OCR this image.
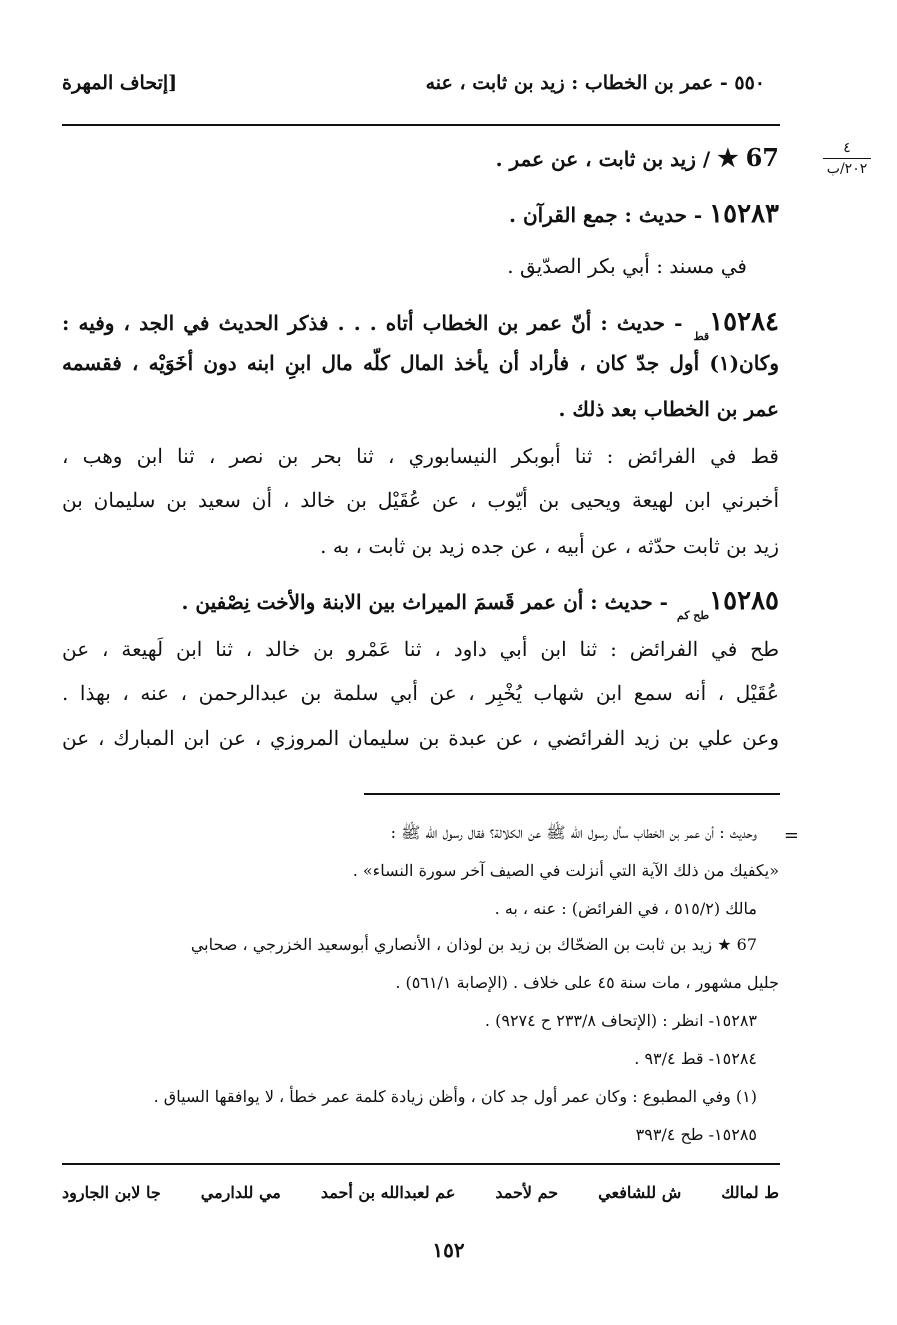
٥٥٠ - عمر بن الخطاب : زيد بن ثابت ، عنه
[إتحاف المهرة
٤
٢٠٢/ب
67 ★ / زيد بن ثابت ، عن عمر .
١٥٢٨٣ - حديث : جمع القرآن .
في مسند : أبي بكر الصدّيق .
$١٥٢٨٤_{قط}$ - حديث : أنّ عمر بن الخطاب أتاه . . . فذكر الحديث في الجد ، وفيه :
وكان(١) أول جدّ كان ، فأراد أن يأخذ المال كلّه مال ابنِ ابنه دون أخَوَيْه ، فقسمه
عمر بن الخطاب بعد ذلك .
قط في الفرائض : ثنا أبوبكر النيسابوري ، ثنا بحر بن نصر ، ثنا ابن وهب ،
أخبرني ابن لهيعة ويحيى بن أيّوب ، عن عُقَيْل بن خالد ، أن سعيد بن سليمان بن
زيد بن ثابت حدّثه ، عن أبيه ، عن جده زيد بن ثابت ، به .
$١٥٢٨٥_{طح كم}$ - حديث : أن عمر قَسمَ الميراث بين الابنة والأخت نِصْفين .
طح في الفرائض : ثنا ابن أبي داود ، ثنا عَمْرو بن خالد ، ثنا ابن لَهيعة ، عن
عُقَيْل ، أنه سمع ابن شهاب يُخْبِر ، عن أبي سلمة بن عبدالرحمن ، عنه ، بهذا .
وعن علي بن زيد الفرائضي ، عن عبدة بن سليمان المروزي ، عن ابن المبارك ، عن
=
وحديث : أن عمر بن الخطاب سأل رسول الله ﷺ عن الكلالة؟ فقال رسول الله ﷺ :
«يكفيك من ذلك الآية التي أنزلت في الصيف آخر سورة النساء» .
مالك (٥١٥/٢ ، في الفرائض) : عنه ، به .
67 ★ زيد بن ثابت بن الضحّاك بن زيد بن لوذان ، الأنصاري أبوسعيد الخزرجي ، صحابي
جليل مشهور ، مات سنة ٤٥ على خلاف . (الإصابة ٥٦١/١) .
١٥٢٨٣- انظر : (الإتحاف ٢٣٣/٨ ح ٩٢٧٤) .
١٥٢٨٤- قط ٩٣/٤ .
(١) وفي المطبوع : وكان عمر أول جد كان ، وأظن زيادة كلمة عمر خطأ ، لا يوافقها السياق .
١٥٢٨٥- طح ٣٩٣/٤
ط لمالك
ش للشافعي
حم لأحمد
عم لعبدالله بن أحمد
مي للدارمي
جا لابن الجارود
١٥٢
